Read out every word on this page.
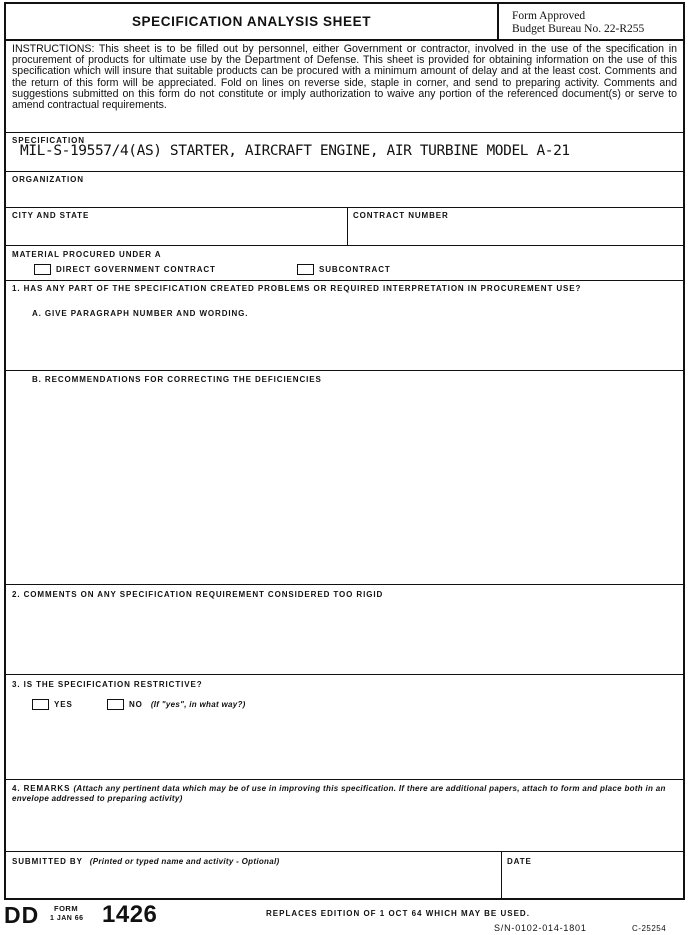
SPECIFICATION ANALYSIS SHEET	Form Approved
Budget Bureau No. 22-R255
INSTRUCTIONS: This sheet is to be filled out by personnel, either Government or contractor, involved in the use of the specification in procurement of products for ultimate use by the Department of Defense. This sheet is provided for obtaining information on the use of this specification which will insure that suitable products can be procured with a minimum amount of delay and at the least cost. Comments and the return of this form will be appreciated. Fold on lines on reverse side, staple in corner, and send to preparing activity. Comments and suggestions submitted on this form do not constitute or imply authorization to waive any portion of the referenced document(s) or serve to amend contractual requirements.
SPECIFICATION
MIL-S-19557/4(AS) STARTER, AIRCRAFT ENGINE, AIR TURBINE MODEL A-21
ORGANIZATION
CITY AND STATE	CONTRACT NUMBER
MATERIAL PROCURED UNDER A
DIRECT GOVERNMENT CONTRACT	SUBCONTRACT
1. HAS ANY PART OF THE SPECIFICATION CREATED PROBLEMS OR REQUIRED INTERPRETATION IN PROCUREMENT USE?
A. GIVE PARAGRAPH NUMBER AND WORDING.
B. RECOMMENDATIONS FOR CORRECTING THE DEFICIENCIES
2. COMMENTS ON ANY SPECIFICATION REQUIREMENT CONSIDERED TOO RIGID
3. IS THE SPECIFICATION RESTRICTIVE?
YES	NO (If "yes", in what way?)
4. REMARKS (Attach any pertinent data which may be of use in improving this specification. If there are additional papers, attach to form and place both in an envelope addressed to preparing activity)
SUBMITTED BY (Printed or typed name and activity - Optional)	DATE
DD FORM
1 JAN 66 1426	REPLACES EDITION OF 1 OCT 64 WHICH MAY BE USED.
S/N-0102-014-1801	C-25254
